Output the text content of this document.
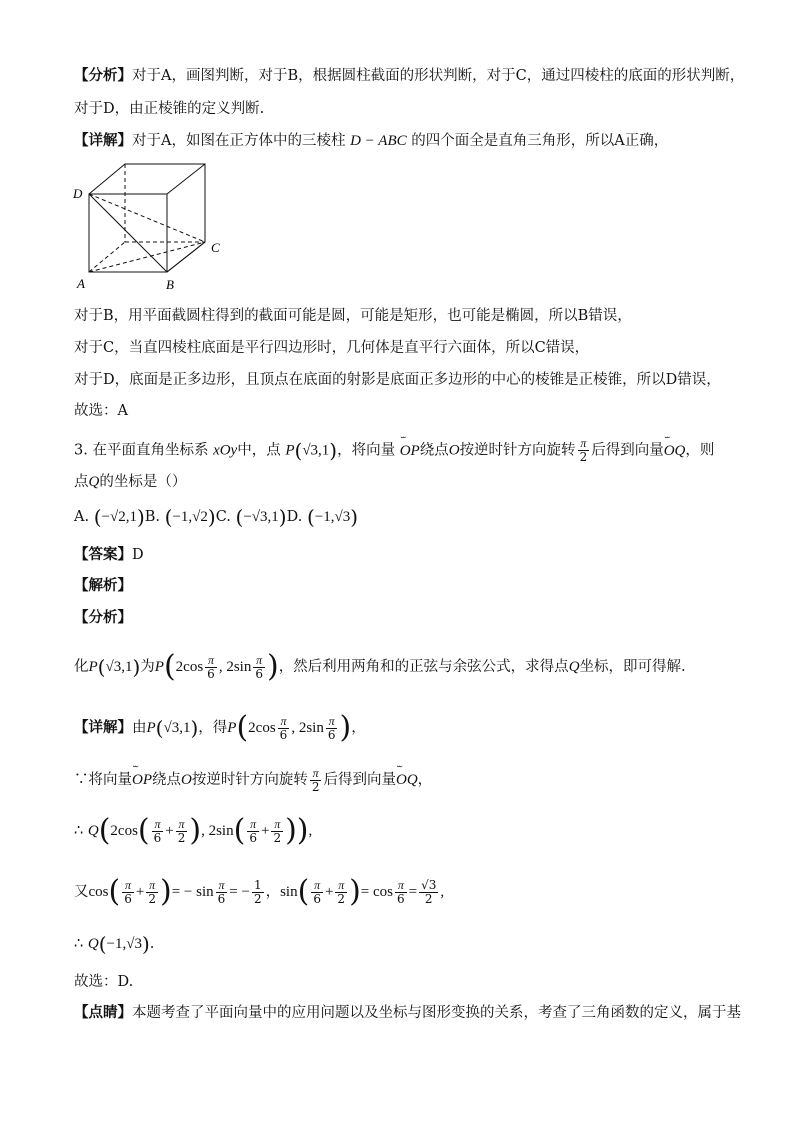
【分析】对于A，画图判断，对于B，根据圆柱截面的形状判断，对于C，通过四棱柱的底面的形状判断，
对于D，由正棱锥的定义判断.
【详解】对于A，如图在正方体中的三棱柱 D − ABC 的四个面全是直角三角形，所以A正确，
D
C
A	B
对于B，用平面截圆柱得到的截面可能是圆，可能是矩形，也可能是椭圆，所以B错误，
对于C，当直四棱柱底面是平行四边形时，几何体是直平行六面体，所以C错误，
对于D，底面是正多边形，且顶点在底面的射影是底面正多边形的中心的棱锥是正棱锥，所以D错误，
故选：A
3. 在平面直角坐标系 xOy中，点 P(√3,1)，将向量 ˘˘ OP绕点O按逆时针方向旋转 $\frac{\pi}{2}$ 后得到向量˘˘ OQ，则
点Q的坐标是（）
A. (−√2,1)B. (−1,√2)C. (−√3,1)D. (−1,√3)
【答案】D
【解析】
【分析】
化P(√3,1)为$P(2\cos \frac{\pi}{6}$ , $2\sin \frac{\pi}{6}$ )，然后利用两角和的正弦与余弦公式，求得点Q坐标，即可得解.
【详解】由P(√3,1)，得$P(2\cos \frac{\pi}{6}$ , $2\sin \frac{\pi}{6}$ )，
∵将向量˘˘ OP绕点O按逆时针方向旋转 $\frac{\pi}{2}$ 后得到向量˘˘ OQ，
∴ $Q(2\cos( \frac{\pi}{6} + \frac{\pi}{2}$ ), $2\sin( \frac{\pi}{6} + \frac{\pi}{2}$ )),
又$\cos( \frac{\pi}{6} + \frac{\pi}{2}$ )= − $\sin \frac{\pi}{6}$ = − $\frac{1}{2}$ ，$\sin( \frac{\pi}{6} + \frac{\pi}{2}$ )= $\cos \frac{\pi}{6} = \frac{√3}{2}$ ,
∴ Q(−1,√3).
故选：D.
【点睛】本题考查了平面向量中的应用问题以及坐标与图形变换的关系，考查了三角函数的定义，属于基
